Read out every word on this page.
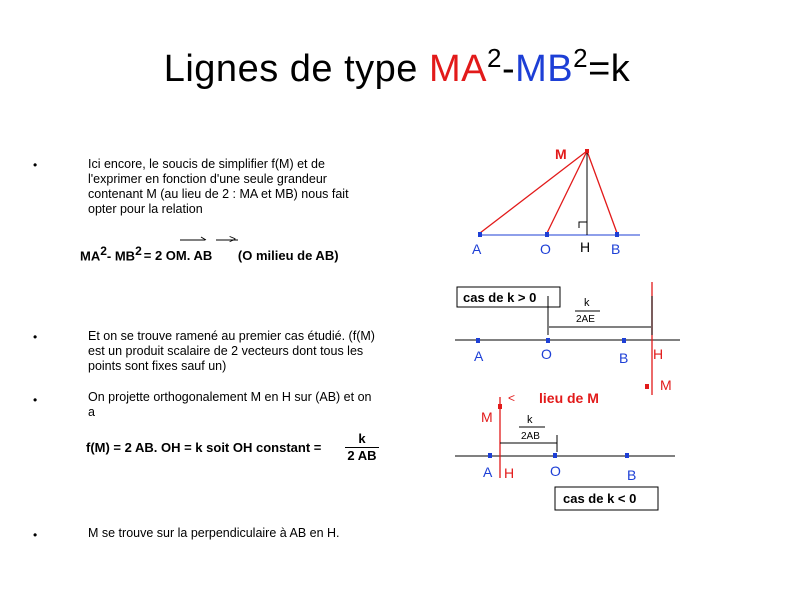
Lignes de type $MA^2-MB^2=k$
•	Ici encore, le soucis de simplifier f(M) et de l'exprimer en fonction d'une seule grandeur contenant M (au lieu de 2 : MA et MB) nous fait opter pour la relation
$MA^2-$ $MB^2 = 2$ OM. AB (O milieu de AB)
•	Et on se trouve ramené au premier cas étudié. (f(M) est un produit scalaire de 2 vecteurs dont tous les points sont fixes sauf un)
•	On projette orthogonalement M en H sur (AB) et on a
f(M) = 2 AB. OH = k soit OH constant =
k
2 AB
•	M se trouve sur la perpendiculaire à AB en H.
>
M
A	O H B
cas de k > 0	k
2AE
A	O	B H
M
< lieu de M
M	k
2AB
A H	O	B
cas de k < 0
